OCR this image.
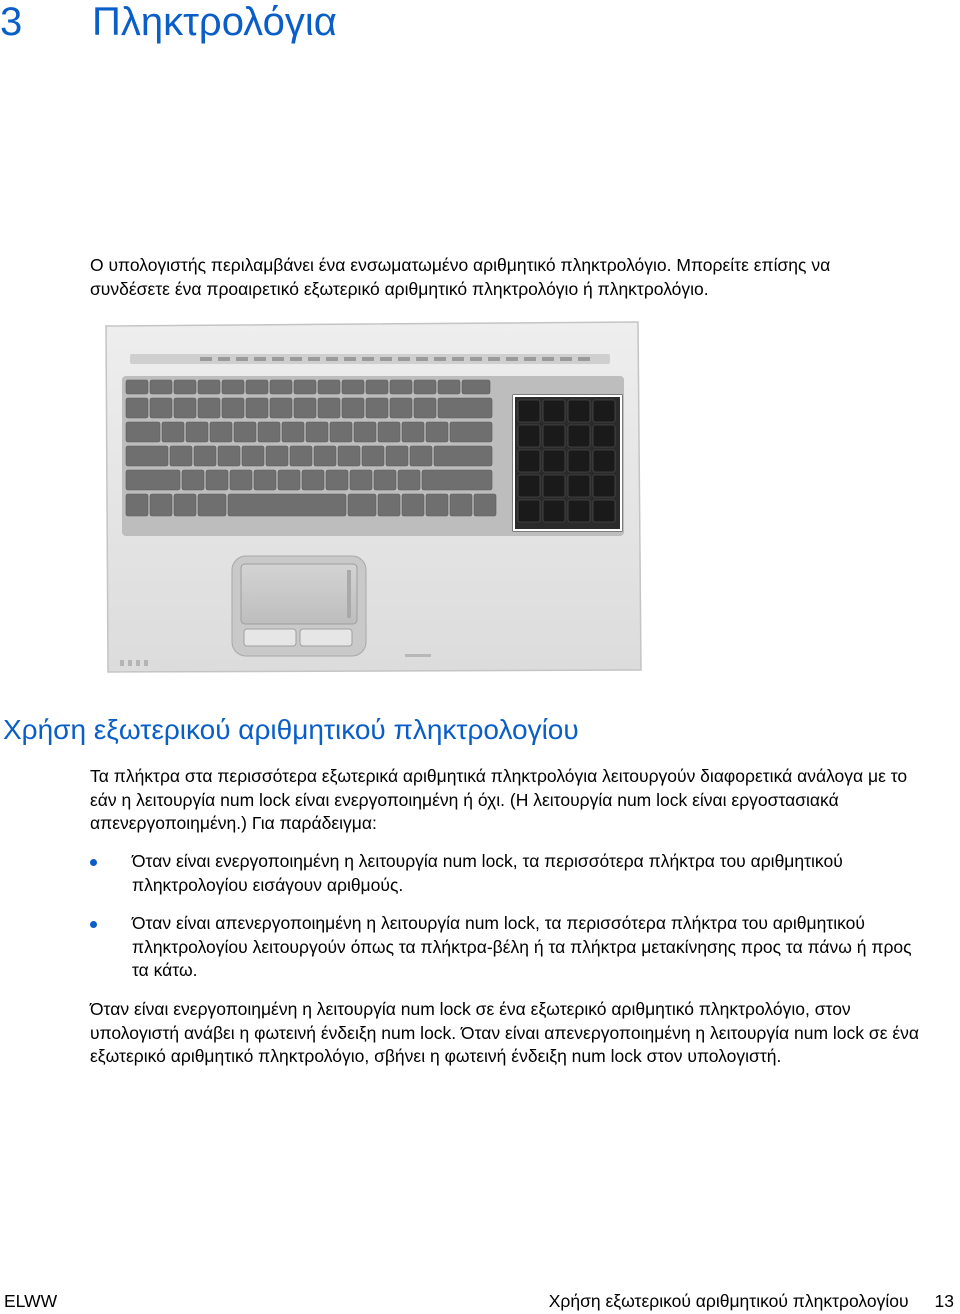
3 Πληκτρολόγια

Ο υπολογιστής περιλαμβάνει ένα ενσωματωμένο αριθμητικό πληκτρολόγιο. Μπορείτε επίσης να συνδέσετε ένα προαιρετικό εξωτερικό αριθμητικό πληκτρολόγιο ή πληκτρολόγιο.

Χρήση εξωτερικού αριθμητικού πληκτρολογίου

Τα πλήκτρα στα περισσότερα εξωτερικά αριθμητικά πληκτρολόγια λειτουργούν διαφορετικά ανάλογα με το εάν η λειτουργία num lock είναι ενεργοποιημένη ή όχι. (Η λειτουργία num lock είναι εργοστασιακά απενεργοποιημένη.) Για παράδειγμα:

Όταν είναι ενεργοποιημένη η λειτουργία num lock, τα περισσότερα πλήκτρα του αριθμητικού πληκτρολογίου εισάγουν αριθμούς.
Όταν είναι απενεργοποιημένη η λειτουργία num lock, τα περισσότερα πλήκτρα του αριθμητικού πληκτρολογίου λειτουργούν όπως τα πλήκτρα-βέλη ή τα πλήκτρα μετακίνησης προς τα πάνω ή προς τα κάτω.

Όταν είναι ενεργοποιημένη η λειτουργία num lock σε ένα εξωτερικό αριθμητικό πληκτρολόγιο, στον υπολογιστή ανάβει η φωτεινή ένδειξη num lock. Όταν είναι απενεργοποιημένη η λειτουργία num lock σε ένα εξωτερικό αριθμητικό πληκτρολόγιο, σβήνει η φωτεινή ένδειξη num lock στον υπολογιστή.

ELWW	Χρήση εξωτερικού αριθμητικού πληκτρολογίου 13
